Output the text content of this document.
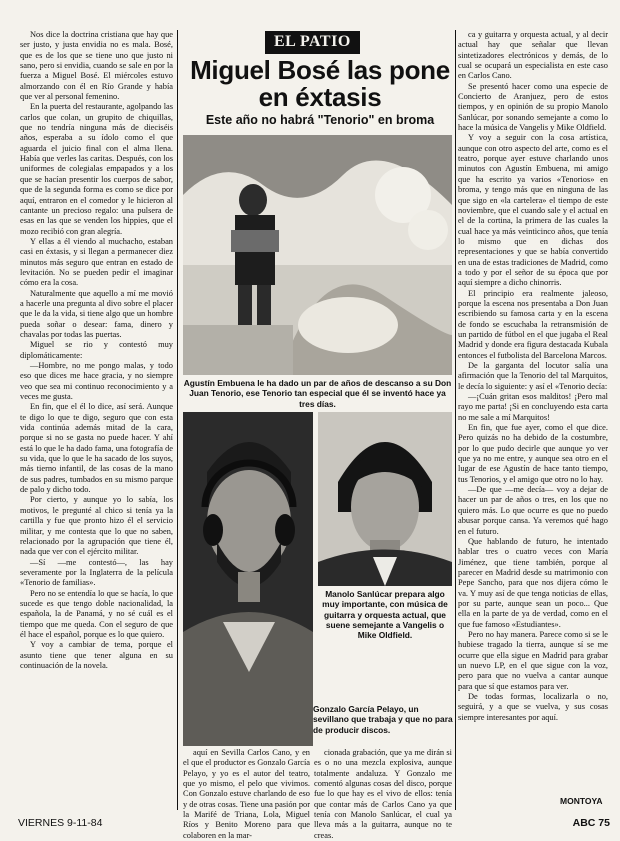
EL PATIO
Miguel Bosé las pone en éxtasis
Este año no habrá "Tenorio" en broma

Nos dice la doctrina cristiana que hay que ser justo, y justa envidia no es mala. Bosé, que es de los que se tiene uno que justo ni sano, pero si envidia, cuando se sale en por la fuerza a Miguel Bosé. El miércoles estuvo almorzando con él en Río Grande y había que ver al personal femenino.

En la puerta del restaurante, agolpando las carlos que colan, un grupito de chiquillas, que no tendría ninguna más de dieciséis años, esperaba a su ídolo como el que aguarda el juicio final con el alma llena. Había que verles las caritas. Después, con los uniformes de colegialas empapados y a los que se hacían presentir los cuerpos de sabor, que de la segunda forma es como se dice por aquí, entraron en el comedor y le hicieron al cantante un precioso regalo: una pulsera de esas en las que se venden los hippies, que el mozo recibió con gran alegría.

Y ellas a él viendo al muchacho, estaban casi en éxtasis, y si llegan a permanecer diez minutos más seguro que entran en estado de levitación. No se pueden pedir el imaginar cómo era la cosa.

Naturalmente que aquello a mí me movió a hacerle una pregunta al divo sobre el placer que le da la vida, si tiene algo que un hombre pueda soñar o desear: fama, dinero y chavalas por todas las puertas.

Miguel se rio y contestó muy diplomáticamente:

—Hombre, no me pongo malas, y todo eso que dices me hace gracia, y no siempre veo que sea mi continuo reconocimiento y a veces me gusta.

En fin, que el él lo dice, así será. Aunque te digo lo que te digo, seguro que con esta vida continúa además mitad de la cara, porque si no se gasta no puede hacer. Y ahí está lo que le ha dado fama, una fotografía de su vida, que lo que le ha sacado de los suyos, más tierno infantil, de las cosas de la mano de sus padres, tumbados en su mismo parque de palo y dicho todo.

Por cierto, y aunque yo lo sabía, los motivos, le pregunté al chico si tenía ya la cartilla y fue que pronto hizo él el servicio militar, y me contesta que lo que no saben, relacionado por la agrupación que tiene él, nada que ver con el ejército militar.

—Sí —me contestó—, las hay severamente por la Inglaterra de la película «Tenorio de familias».

Pero no se entendía lo que se hacía, lo que sucede es que tengo doble nacionalidad, la española, la de Panamá, y no sé cuál es el tiempo que me queda. Con el seguro de que él hace el español, porque es lo que quiero.

Y voy a cambiar de tema, porque el asunto tiene que tener alguna en su continuación de la novela.

Agustín Embuena le ha dado un par de años de descanso a su Don Juan Tenorio, ese Tenorio tan especial que él se inventó hace ya tres días.
Manolo Sanlúcar prepara algo muy importante, con música de guitarra y orquesta actual, que suene semejante a Vangelis o Mike Oldfield.
Gonzalo García Pelayo, un sevillano que trabaja y que no para de producir discos.

aquí en Sevilla Carlos Cano, y en el que el productor es Gonzalo García Pelayo, y yo es el autor del teatro, que yo mismo, el pelo que vivimos. Con Gonzalo estuve charlando de eso y de otras cosas. Tiene una pasión por la Marifé de Triana, Lola, Miguel Ríos y Benito Moreno para que colaboren en la mar-

cionada grabación, que ya me dirán si es o no una mezcla explosiva, aunque totalmente andaluza. Y Gonzalo me comentó algunas cosas del disco, porque fue lo que hay es el vivo de ellos: tenía que contar más de Carlos Cano ya que tenía con Manolo Sanlúcar, el cual ya lleva más a la guitarra, aunque no te creas.

ca y guitarra y orquesta actual, y al decir actual hay que señalar que llevan sintetizadores electrónicos y demás, de lo cual se ocupará un especialista en este caso en Carlos Cano.

Se presentó hacer como una especie de Concierto de Aranjuez, pero de estos tiempos, y en opinión de su propio Manolo Sanlúcar, por sonando semejante a como lo hace la música de Vangelis y Mike Oldfield.

Y voy a seguir con la cosa artística, aunque con otro aspecto del arte, como es el teatro, porque ayer estuve charlando unos minutos con Agustín Embuena, mi amigo que ha escrito ya varios «Tenorios» en broma, y tengo más que en ninguna de las que sigo en «la cartelera» el tiempo de este noviembre, que el cuando sale y el actual en el de la cortina, la primera de las cuales la cual hace ya más veinticinco años, que tenía lo mismo que en dichas dos representaciones y que se había convertido en una de estas tradiciones de Madrid, como a todo y por el señor de su época que por aquí siempre a dicho chinorris.

El principio era realmente jaleoso, porque la escena nos presentaba a Don Juan escribiendo su famosa carta y en la escena de fondo se escuchaba la retransmisión de un partido de fútbol en el que jugaba el Real Madrid y donde era figura destacada Kubala entonces el futbolista del Barcelona Marcos.

De la garganta del locutor salía una afirmación que la Tenorio del tal Marquitos, le decía lo siguiente: y así el «Tenorio decía:

—¡Cuán gritan esos malditos! ¡Pero mal rayo me parta! ¡Si en concluyendo esta carta no me sale a mí Marquitos!

En fin, que fue ayer, como el que dice. Pero quizás no ha debido de la costumbre, por lo que pudo decirle que aunque yo ver que ya no me entre, y aunque sea otro en el lugar de ese Agustín de hace tanto tiempo, tus Tenorios, y el amigo que otro no lo hay.

—De que —me decía— voy a dejar de hacer un par de años o tres, en los que no quiero más. Lo que ocurre es que no puedo abusar porque cansa. Ya veremos qué hago en el futuro.

Que hablando de futuro, he intentado hablar tres o cuatro veces con María Jiménez, que tiene también, porque al parecer en Madrid desde su matrimonio con Pepe Sancho, para que nos dijera cómo le va. Y muy así de que tenga noticias de ellas, por su parte, aunque sean un poco... Que ella en la parte de ya de verdad, como en el que fue famoso «Estudiantes».

Pero no hay manera. Parece como si se le hubiese tragado la tierra, aunque sí se me ocurre que ella sigue en Madrid para grabar un nuevo LP, en el que sigue con la voz, pero para que no vuelva a cantar aunque para que sí que estamos para ver.

De todas formas, localizarla o no, seguirá, y a que se vuelva, y sus cosas siempre interesantes por aquí.

MONTOYA
VIERNES 9-11-84	ABC 75
